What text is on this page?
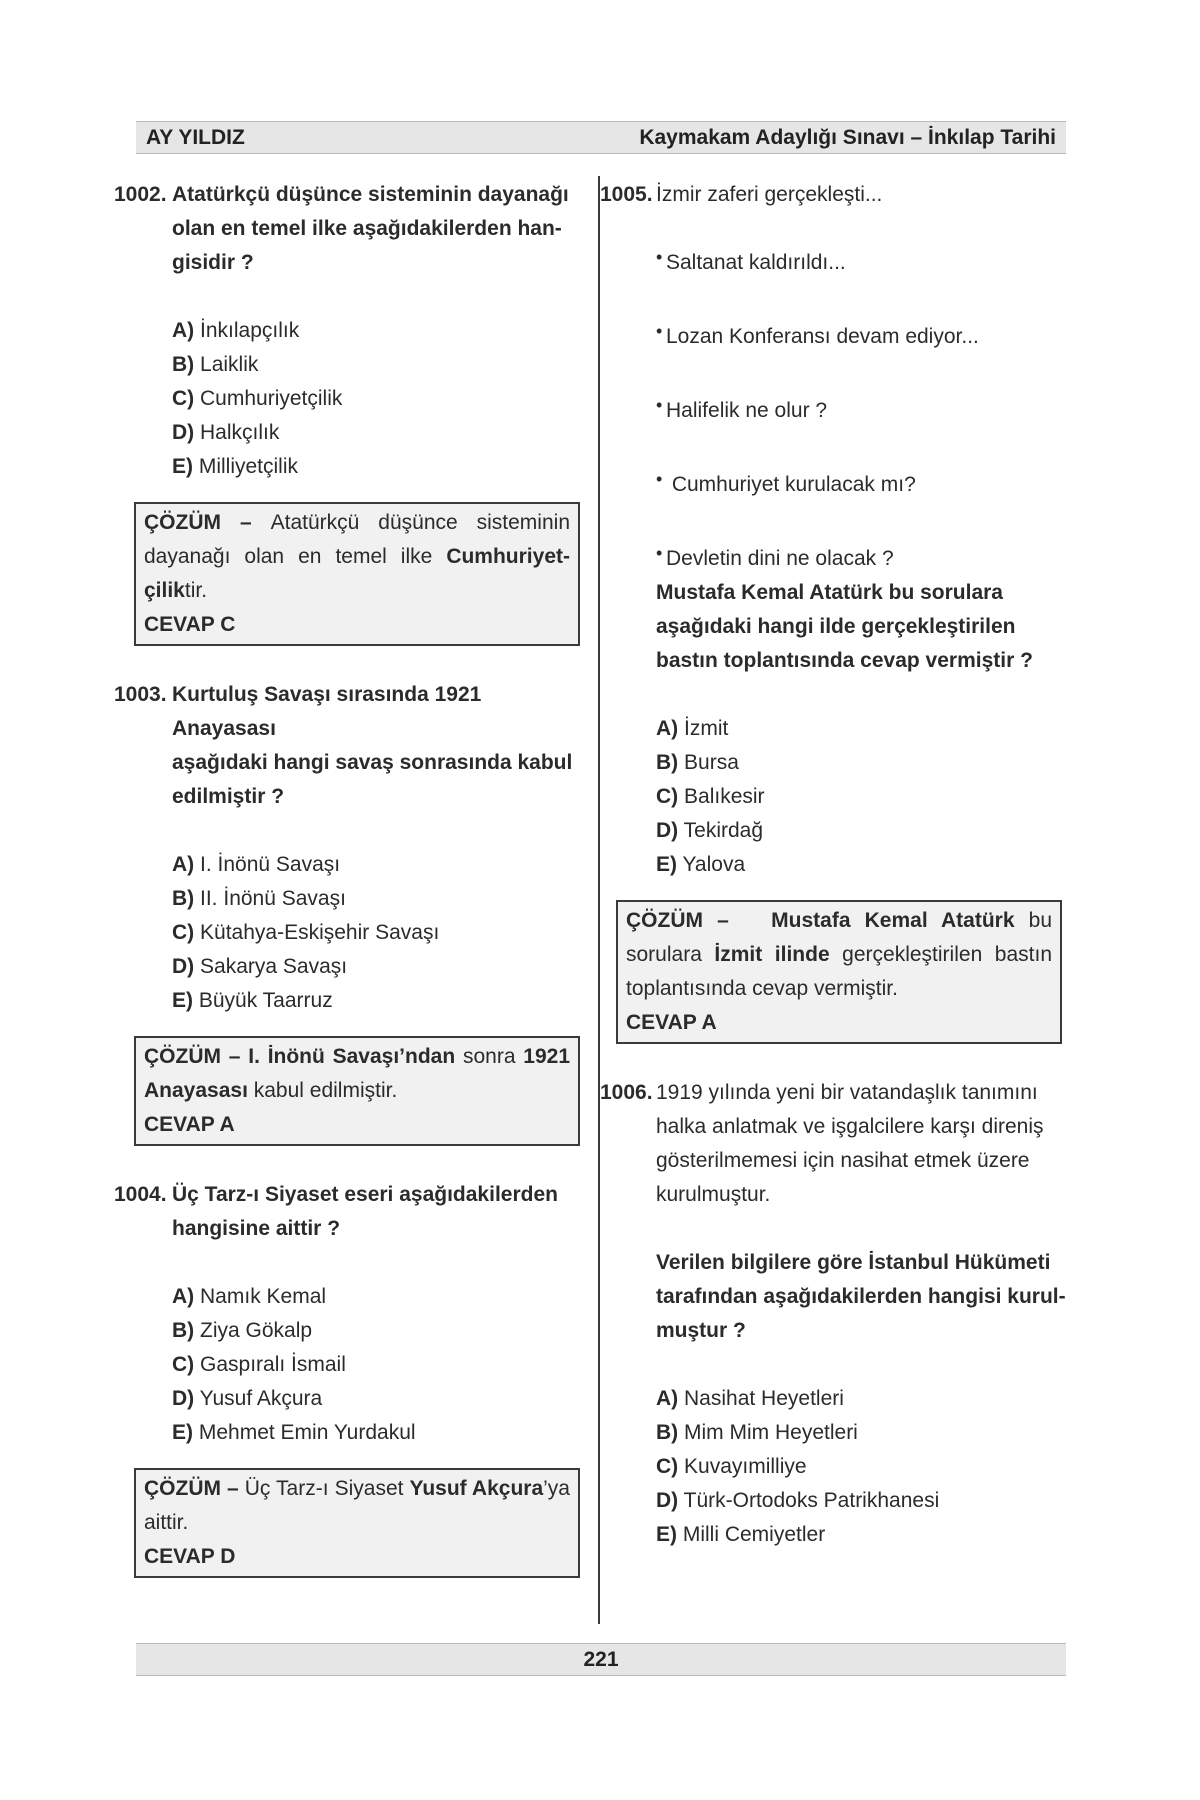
AY YILDIZ	Kaymakam Adaylığı Sınavı – İnkılap Tarihi
1002. Atatürkçü düşünce sisteminin dayanağı
olan en temel ilke aşağıdakilerden han-
gisidir ?
A) İnkılapçılık
B) Laiklik
C) Cumhuriyetçilik
D) Halkçılık
E) Milliyetçilik
ÇÖZÜM – Atatürkçü düşünce sisteminin dayanağı olan en temel ilke Cumhuriyet-çiliktir.
CEVAP C
1003. Kurtuluş Savaşı sırasında 1921 Anayasası
aşağıdaki hangi savaş sonrasında kabul
edilmiştir ?
A) I. İnönü Savaşı
B) II. İnönü Savaşı
C) Kütahya-Eskişehir Savaşı
D) Sakarya Savaşı
E) Büyük Taarruz
ÇÖZÜM – I. İnönü Savaşı’ndan sonra 1921 Anayasası kabul edilmiştir.
CEVAP A
1004. Üç Tarz-ı Siyaset eseri aşağıdakilerden
hangisine aittir ?
A) Namık Kemal
B) Ziya Gökalp
C) Gaspıralı İsmail
D) Yusuf Akçura
E) Mehmet Emin Yurdakul
ÇÖZÜM – Üç Tarz-ı Siyaset Yusuf Akçura’ya aittir.
CEVAP D
1005. İzmir zaferi gerçekleşti...
• Saltanat kaldırıldı...
• Lozan Konferansı devam ediyor...
• Halifelik ne olur ?
•  Cumhuriyet kurulacak mı?
• Devletin dini ne olacak ?
Mustafa Kemal Atatürk bu sorulara
aşağıdaki hangi ilde gerçekleştirilen
bastın toplantısında cevap vermiştir ?
A) İzmit
B) Bursa
C) Balıkesir
D) Tekirdağ
E) Yalova
ÇÖZÜM – Mustafa Kemal Atatürk bu sorulara İzmit ilinde gerçekleştirilen bastın toplantısında cevap vermiştir.
CEVAP A
1006. 1919 yılında yeni bir vatandaşlık tanımını
halka anlatmak ve işgalcilere karşı direniş
gösterilmemesi için nasihat etmek üzere
kurulmuştur.
Verilen bilgilere göre İstanbul Hükümeti
tarafından aşağıdakilerden hangisi kurul-
muştur ?
A) Nasihat Heyetleri
B) Mim Mim Heyetleri
C) Kuvayımilliye
D) Türk-Ortodoks Patrikhanesi
E) Milli Cemiyetler
221
